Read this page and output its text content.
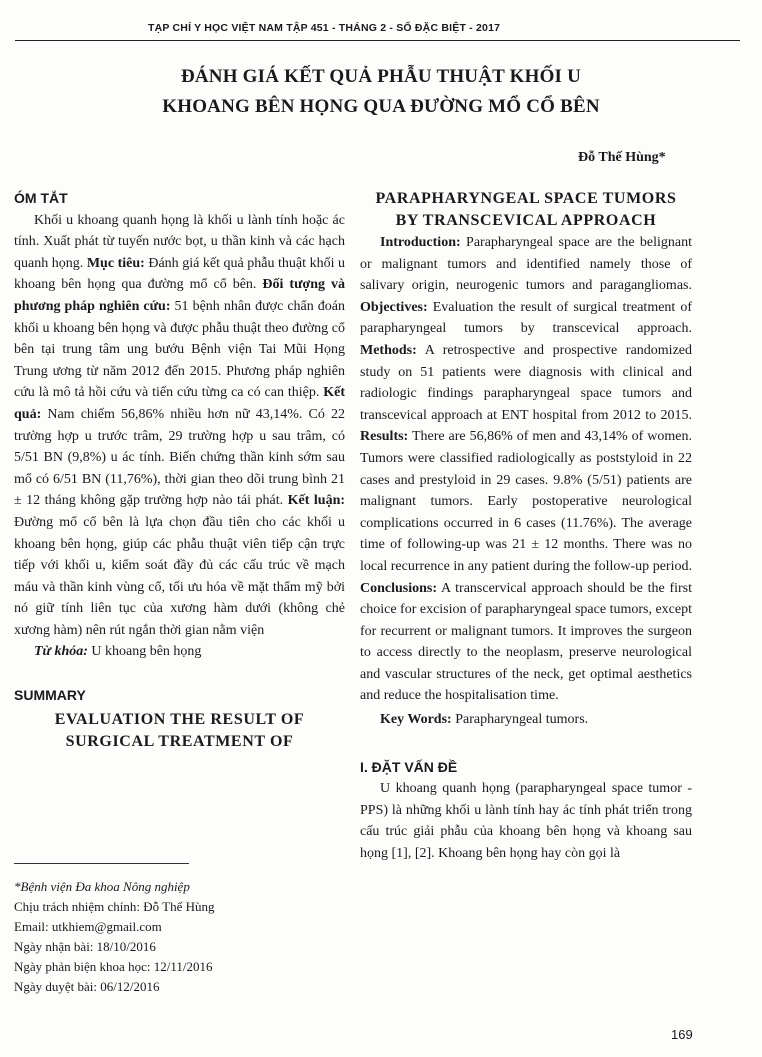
TẠP CHÍ Y HỌC VIỆT NAM TẬP 451 - THÁNG 2 - SỐ ĐẶC BIỆT - 2017
ĐÁNH GIÁ KẾT QUẢ PHẪU THUẬT KHỐI U
KHOANG BÊN HỌNG QUA ĐƯỜNG MỔ CỔ BÊN
Đỗ Thế Hùng*
ÓM TẮT

Khối u khoang quanh họng là khối u lành tính hoặc ác tính. Xuất phát từ tuyến nước bọt, u thần kinh và các hạch quanh họng. Mục tiêu: Đánh giá kết quả phẫu thuật khối u khoang bên họng qua đường mổ cổ bên. Đối tượng và phương pháp nghiên cứu: 51 bệnh nhân được chẩn đoán khối u khoang bên họng và được phẫu thuật theo đường cổ bên tại trung tâm ung bướu Bệnh viện Tai Mũi Họng Trung ương từ năm 2012 đến 2015. Phương pháp nghiên cứu là mô tả hồi cứu và tiến cứu từng ca có can thiệp. Kết quả: Nam chiếm 56,86% nhiều hơn nữ 43,14%. Có 22 trường hợp u trước trâm, 29 trường hợp u sau trâm, có 5/51 BN (9,8%) u ác tính. Biến chứng thần kinh sớm sau mổ có 6/51 BN (11,76%), thời gian theo dõi trung bình 21 ± 12 tháng không gặp trường hợp nào tái phát. Kết luận: Đường mổ cổ bên là lựa chọn đầu tiên cho các khối u khoang bên họng, giúp các phẫu thuật viên tiếp cận trực tiếp với khối u, kiểm soát đầy đủ các cấu trúc về mạch máu và thần kinh vùng cổ, tối ưu hóa về mặt thẩm mỹ bởi nó giữ tính liên tục của xương hàm dưới (không chẻ xương hàm) nên rút ngắn thời gian nằm viện

Từ khóa: U khoang bên họng

SUMMARY
EVALUATION THE RESULT OF
SURGICAL TREATMENT OF
*Bệnh viện Đa khoa Nông nghiệp
Chịu trách nhiệm chính: Đỗ Thế Hùng
Email: utkhiem@gmail.com
Ngày nhận bài: 18/10/2016
Ngày phản biện khoa học: 12/11/2016
Ngày duyệt bài: 06/12/2016
PARAPHARYNGEAL SPACE TUMORS
BY TRANSCEVICAL APPROACH

Introduction: Parapharyngeal space are the belignant or malignant tumors and identified namely those of salivary origin, neurogenic tumors and paragangliomas. Objectives: Evaluation the result of surgical treatment of parapharyngeal tumors by transcevical approach. Methods: A retrospective and prospective randomized study on 51 patients were diagnosis with clinical and radiologic findings parapharyngeal space tumors and transcevical approach at ENT hospital from 2012 to 2015. Results: There are 56,86% of men and 43,14% of women. Tumors were classified radiologically as poststyloid in 22 cases and prestyloid in 29 cases. 9.8% (5/51) patients are malignant tumors. Early postoperative neurological complications occurred in 6 cases (11.76%). The average time of following-up was 21 ± 12 months. There was no local recurrence in any patient during the follow-up period. Conclusions: A transcervical approach should be the first choice for excision of parapharyngeal space tumors, except for recurrent or malignant tumors. It improves the surgeon to access directly to the neoplasm, preserve neurological and vascular structures of the neck, get optimal aesthetics and reduce the hospitalisation time.

Key Words: Parapharyngeal tumors.

I. ĐẶT VẤN ĐỀ

U khoang quanh họng (parapharyngeal space tumor - PPS) là những khối u lành tính hay ác tính phát triển trong cấu trúc giải phẫu của khoang bên họng và khoang sau họng [1], [2]. Khoang bên họng hay còn gọi là

169
